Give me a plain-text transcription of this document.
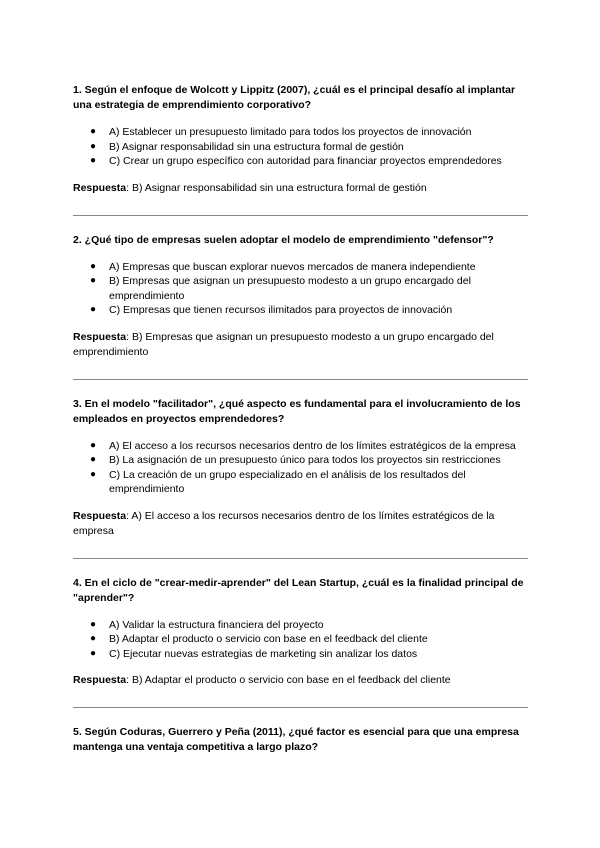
1. Según el enfoque de Wolcott y Lippitz (2007), ¿cuál es el principal desafío al implantar una estrategia de emprendimiento corporativo?

● A) Establecer un presupuesto limitado para todos los proyectos de innovación
● B) Asignar responsabilidad sin una estructura formal de gestión
● C) Crear un grupo específico con autoridad para financiar proyectos emprendedores

Respuesta: B) Asignar responsabilidad sin una estructura formal de gestión

2. ¿Qué tipo de empresas suelen adoptar el modelo de emprendimiento "defensor"?

● A) Empresas que buscan explorar nuevos mercados de manera independiente
● B) Empresas que asignan un presupuesto modesto a un grupo encargado del emprendimiento
● C) Empresas que tienen recursos ilimitados para proyectos de innovación

Respuesta: B) Empresas que asignan un presupuesto modesto a un grupo encargado del emprendimiento

3. En el modelo "facilitador", ¿qué aspecto es fundamental para el involucramiento de los empleados en proyectos emprendedores?

● A) El acceso a los recursos necesarios dentro de los límites estratégicos de la empresa
● B) La asignación de un presupuesto único para todos los proyectos sin restricciones
● C) La creación de un grupo especializado en el análisis de los resultados del emprendimiento

Respuesta: A) El acceso a los recursos necesarios dentro de los límites estratégicos de la empresa

4. En el ciclo de "crear-medir-aprender" del Lean Startup, ¿cuál es la finalidad principal de "aprender"?

● A) Validar la estructura financiera del proyecto
● B) Adaptar el producto o servicio con base en el feedback del cliente
● C) Ejecutar nuevas estrategias de marketing sin analizar los datos

Respuesta: B) Adaptar el producto o servicio con base en el feedback del cliente

5. Según Coduras, Guerrero y Peña (2011), ¿qué factor es esencial para que una empresa mantenga una ventaja competitiva a largo plazo?
